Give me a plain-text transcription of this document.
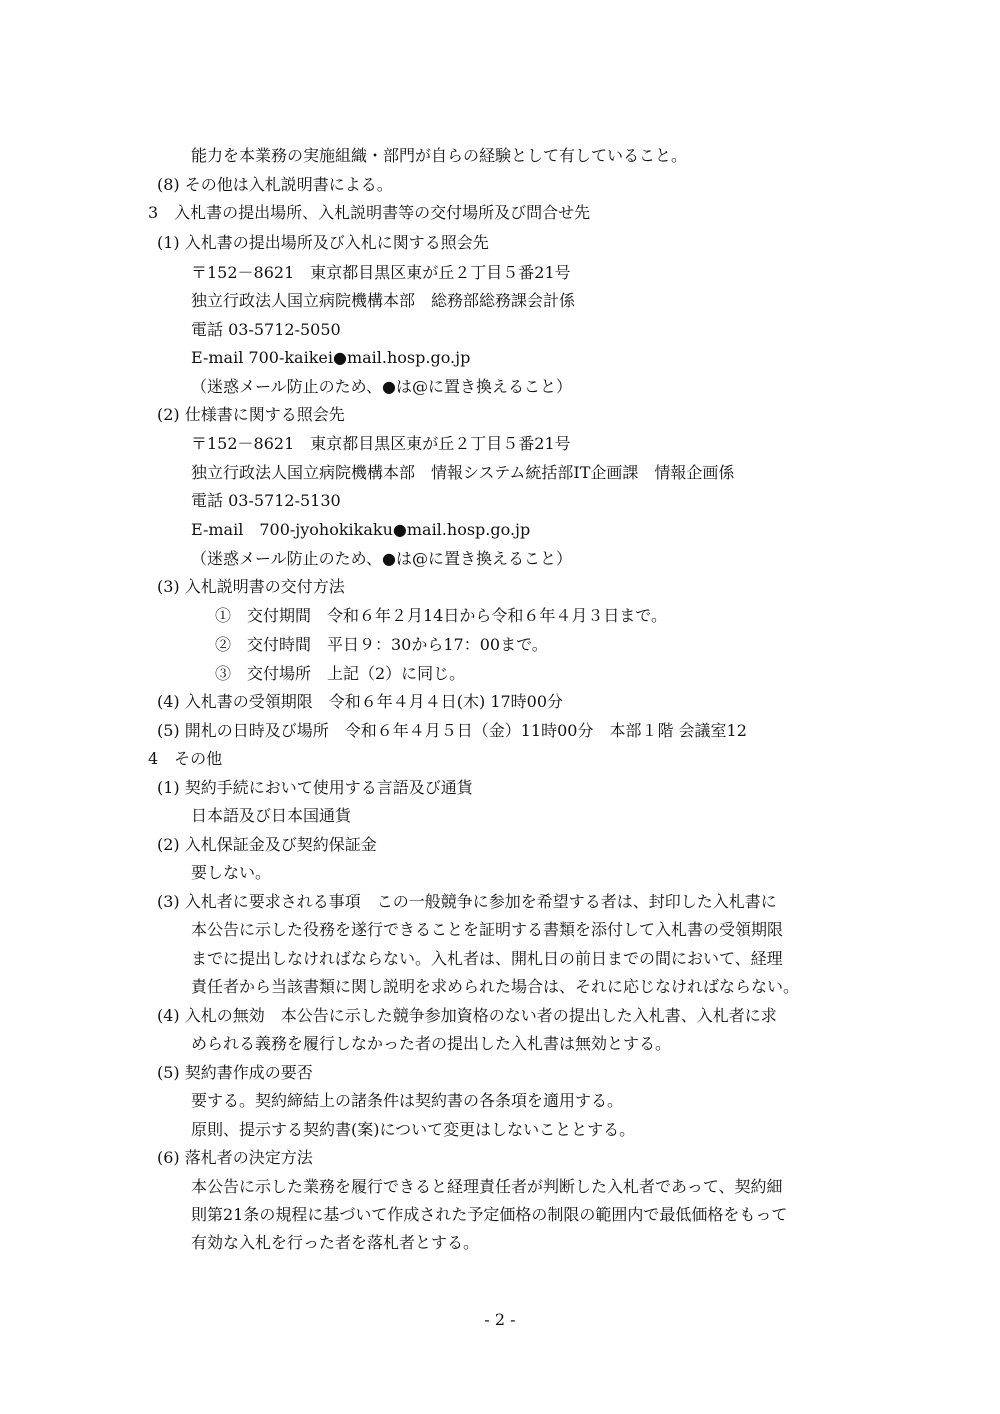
能力を本業務の実施組織・部門が自らの経験として有していること。
(8) その他は入札説明書による。
3　入札書の提出場所、入札説明書等の交付場所及び問合せ先
(1) 入札書の提出場所及び入札に関する照会先
〒152－8621　東京都目黒区東が丘２丁目５番21号
独立行政法人国立病院機構本部　総務部総務課会計係
電話 03-5712-5050
E-mail 700-kaikei●mail.hosp.go.jp
（迷惑メール防止のため、●は@に置き換えること）
(2) 仕様書に関する照会先
〒152－8621　東京都目黒区東が丘２丁目５番21号
独立行政法人国立病院機構本部　情報システム統括部IT企画課　情報企画係
電話 03-5712-5130
E-mail　700-jyohokikaku●mail.hosp.go.jp
（迷惑メール防止のため、●は@に置き換えること）
(3) 入札説明書の交付方法
①　交付期間　令和６年２月14日から令和６年４月３日まで。
②　交付時間　平日９：30から17：00まで。
③　交付場所　上記（2）に同じ。
(4) 入札書の受領期限　令和６年４月４日(木) 17時00分
(5) 開札の日時及び場所　令和６年４月５日（金）11時00分　本部１階 会議室12
4　その他
(1) 契約手続において使用する言語及び通貨
日本語及び日本国通貨
(2) 入札保証金及び契約保証金
要しない。
(3) 入札者に要求される事項　この一般競争に参加を希望する者は、封印した入札書に
本公告に示した役務を遂行できることを証明する書類を添付して入札書の受領期限
までに提出しなければならない。入札者は、開札日の前日までの間において、経理
責任者から当該書類に関し説明を求められた場合は、それに応じなければならない。
(4) 入札の無効　本公告に示した競争参加資格のない者の提出した入札書、入札者に求
められる義務を履行しなかった者の提出した入札書は無効とする。
(5) 契約書作成の要否
要する。契約締結上の諸条件は契約書の各条項を適用する。
原則、提示する契約書(案)について変更はしないこととする。
(6) 落札者の決定方法
本公告に示した業務を履行できると経理責任者が判断した入札者であって、契約細
則第21条の規程に基づいて作成された予定価格の制限の範囲内で最低価格をもって
有効な入札を行った者を落札者とする。
- 2 -
